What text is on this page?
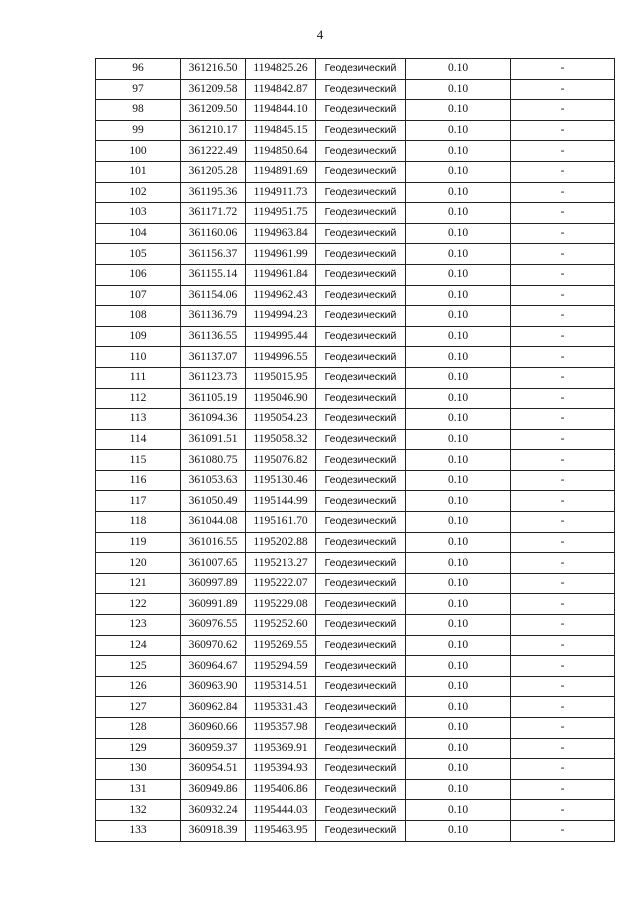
4
96	361216.50	1194825.26	Геодезический	0.10	-
97	361209.58	1194842.87	Геодезический	0.10	-
98	361209.50	1194844.10	Геодезический	0.10	-
99	361210.17	1194845.15	Геодезический	0.10	-
100	361222.49	1194850.64	Геодезический	0.10	-
101	361205.28	1194891.69	Геодезический	0.10	-
102	361195.36	1194911.73	Геодезический	0.10	-
103	361171.72	1194951.75	Геодезический	0.10	-
104	361160.06	1194963.84	Геодезический	0.10	-
105	361156.37	1194961.99	Геодезический	0.10	-
106	361155.14	1194961.84	Геодезический	0.10	-
107	361154.06	1194962.43	Геодезический	0.10	-
108	361136.79	1194994.23	Геодезический	0.10	-
109	361136.55	1194995.44	Геодезический	0.10	-
110	361137.07	1194996.55	Геодезический	0.10	-
111	361123.73	1195015.95	Геодезический	0.10	-
112	361105.19	1195046.90	Геодезический	0.10	-
113	361094.36	1195054.23	Геодезический	0.10	-
114	361091.51	1195058.32	Геодезический	0.10	-
115	361080.75	1195076.82	Геодезический	0.10	-
116	361053.63	1195130.46	Геодезический	0.10	-
117	361050.49	1195144.99	Геодезический	0.10	-
118	361044.08	1195161.70	Геодезический	0.10	-
119	361016.55	1195202.88	Геодезический	0.10	-
120	361007.65	1195213.27	Геодезический	0.10	-
121	360997.89	1195222.07	Геодезический	0.10	-
122	360991.89	1195229.08	Геодезический	0.10	-
123	360976.55	1195252.60	Геодезический	0.10	-
124	360970.62	1195269.55	Геодезический	0.10	-
125	360964.67	1195294.59	Геодезический	0.10	-
126	360963.90	1195314.51	Геодезический	0.10	-
127	360962.84	1195331.43	Геодезический	0.10	-
128	360960.66	1195357.98	Геодезический	0.10	-
129	360959.37	1195369.91	Геодезический	0.10	-
130	360954.51	1195394.93	Геодезический	0.10	-
131	360949.86	1195406.86	Геодезический	0.10	-
132	360932.24	1195444.03	Геодезический	0.10	-
133	360918.39	1195463.95	Геодезический	0.10	-
